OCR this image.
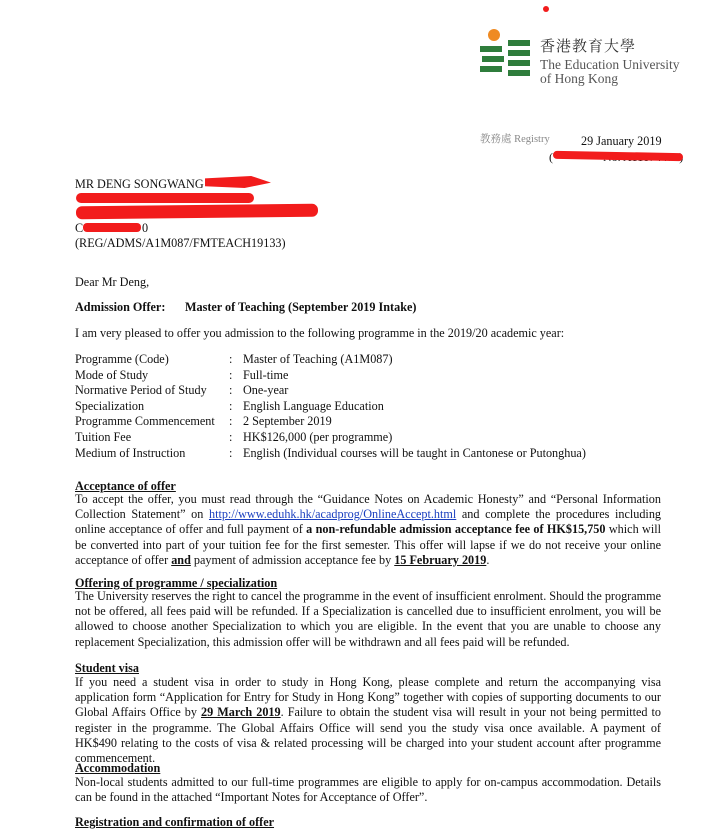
香港教育大學
The Education University
of Hong Kong
教務處 Registry	29 January 2019
(
MR DENG SONGWANG
C	0
(REG/ADMS/A1M087/FMTEACH19133)
Dear Mr Deng,
Admission Offer: Master of Teaching (September 2019 Intake)
I am very pleased to offer you admission to the following programme in the 2019/20 academic year:
Programme (Code)	:	Master of Teaching (A1M087)
Mode of Study	:	Full-time
Normative Period of Study	:	One-year
Specialization	:	English Language Education
Programme Commencement	:	2 September 2019
Tuition Fee	:	HK$126,000 (per programme)
Medium of Instruction	:	English (Individual courses will be taught in Cantonese or Putonghua)
Acceptance of offer
To accept the offer, you must read through the “Guidance Notes on Academic Honesty” and “Personal Information Collection Statement” on http://www.eduhk.hk/acadprog/OnlineAccept.html and complete the procedures including online acceptance of offer and full payment of a non-refundable admission acceptance fee of HK$15,750 which will be converted into part of your tuition fee for the first semester. This offer will lapse if we do not receive your online acceptance of offer and payment of admission acceptance fee by 15 February 2019.
Offering of programme / specialization
The University reserves the right to cancel the programme in the event of insufficient enrolment. Should the programme not be offered, all fees paid will be refunded. If a Specialization is cancelled due to insufficient enrolment, you will be allowed to choose another Specialization to which you are eligible. In the event that you are unable to choose any replacement Specialization, this admission offer will be withdrawn and all fees paid will be refunded.
Student visa
If you need a student visa in order to study in Hong Kong, please complete and return the accompanying visa application form “Application for Entry for Study in Hong Kong” together with copies of supporting documents to our Global Affairs Office by 29 March 2019. Failure to obtain the student visa will result in your not being permitted to register in the programme. The Global Affairs Office will send you the study visa once available. A payment of HK$490 relating to the costs of visa & related processing will be charged into your student account after programme commencement.
Accommodation
Non-local students admitted to our full-time programmes are eligible to apply for on-campus accommodation. Details can be found in the attached “Important Notes for Acceptance of Offer”.
Registration and confirmation of offer
